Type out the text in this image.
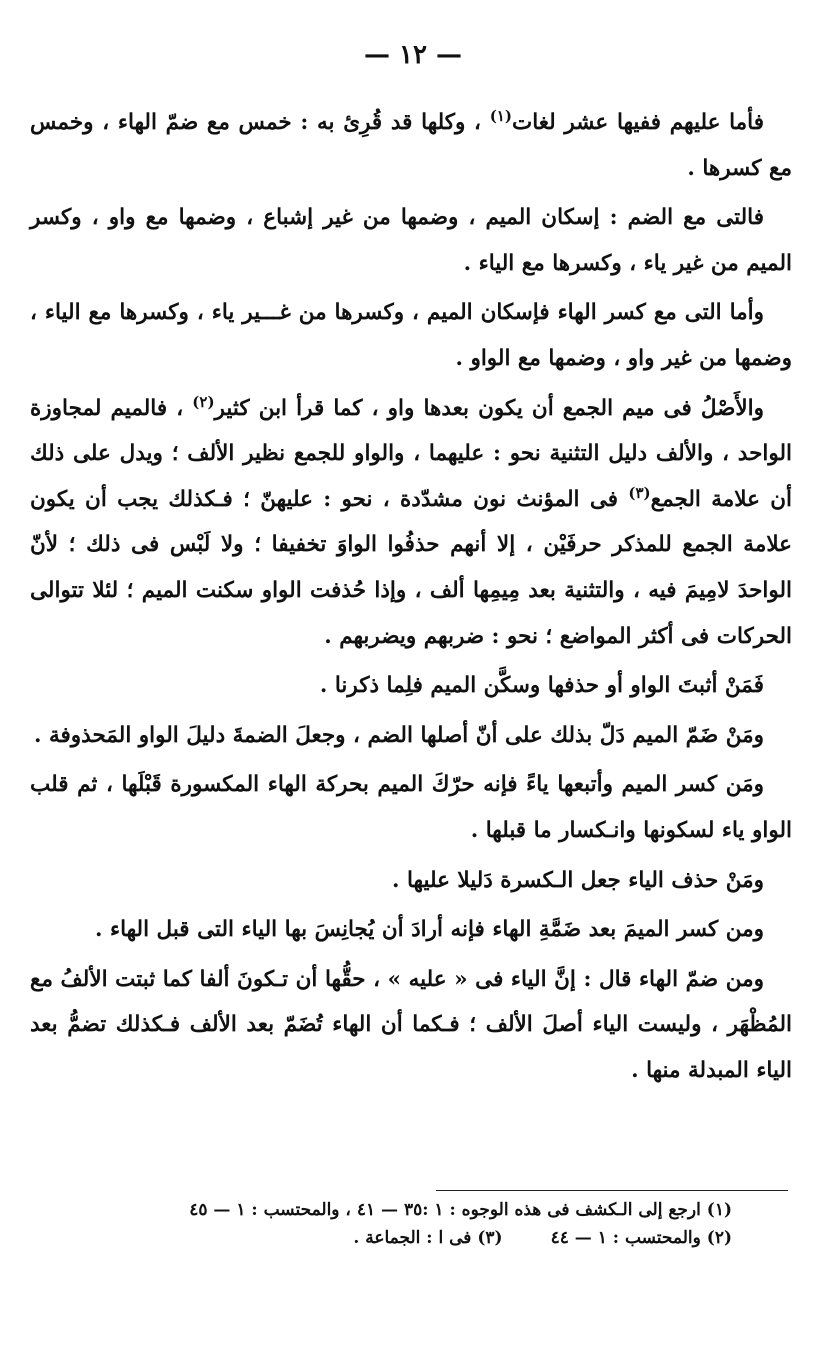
— ١٢ —

فأما عليهم ففيها عشر لغات$^{(١)}$ ، وكلها قد قُرِئ به : خمس مع ضمّ الهاء ، وخمس مع كسرها .

فالتى مع الضم : إسكان الميم ، وضمها من غير إشباع ، وضمها مع واو ، وكسر الميم من غير ياء ، وكسرها مع الياء .

وأما التى مع كسر الهاء فإسكان الميم ، وكسرها من غـــير ياء ، وكسرها مع الياء ، وضمها من غير واو ، وضمها مع الواو .

والأَصْلُ فى ميم الجمع أن يكون بعدها واو ، كما قرأ ابن كثير$^{(٢)}$ ، فالميم لمجاوزة الواحد ، والألف دليل التثنية نحو : عليهما ، والواو للجمع نظير الألف ؛ ويدل على ذلك أن علامة الجمع$^{(٣)}$ فى المؤنث نون مشدّدة ، نحو : عليهنّ ؛ فـكذلك يجب أن يكون علامة الجمع للمذكر حرفَيْن ، إلا أنهم حذفُوا الواوَ تخفيفا ؛ ولا لَبْس فى ذلك ؛ لأنّ الواحدَ لامِيمَ فيه ، والتثنية بعد مِيمِها ألف ، وإذا حُذفت الواو سكنت الميم ؛ لئلا تتوالى الحركات فى أكثر المواضع ؛ نحو : ضربهم ويضربهم .

فَمَنْ أثبتَ الواو أو حذفها وسكَّن الميم فلِما ذكرنا .

ومَنْ ضَمّ الميم دَلّ بذلك على أنّ أصلها الضم ، وجعلَ الضمةَ دليلَ الواو المَحذوفة .

ومَن كسر الميم وأتبعها ياءً فإنه حرّكَ الميم بحركة الهاء المكسورة قَبْلَها ، ثم قلب الواو ياء لسكونها وانـكسار ما قبلها .

ومَنْ حذف الياء جعل الـكسرة دَليلا عليها .

ومن كسر الميمَ بعد ضَمَّةِ الهاء فإنه أرادَ أن يُجانِسَ بها الياء التى قبل الهاء .

ومن ضمّ الهاء قال : إنَّ الياء فى « عليه » ، حقُّها أن تـكونَ ألفا كما ثبتت الألفُ مع المُظْهَر ، وليست الياء أصلَ الألف ؛ فـكما أن الهاء تُضَمّ بعد الألف فـكذلك تضمُّ بعد الياء المبدلة منها .

(١) ارجع إلى الـكشف فى هذه الوجوه : ١ :٣٥ — ٤١ ، والمحتسب : ١ — ٤٥
(٢) والمحتسب : ١ — ٤٤(٣) فى ا : الجماعة .
